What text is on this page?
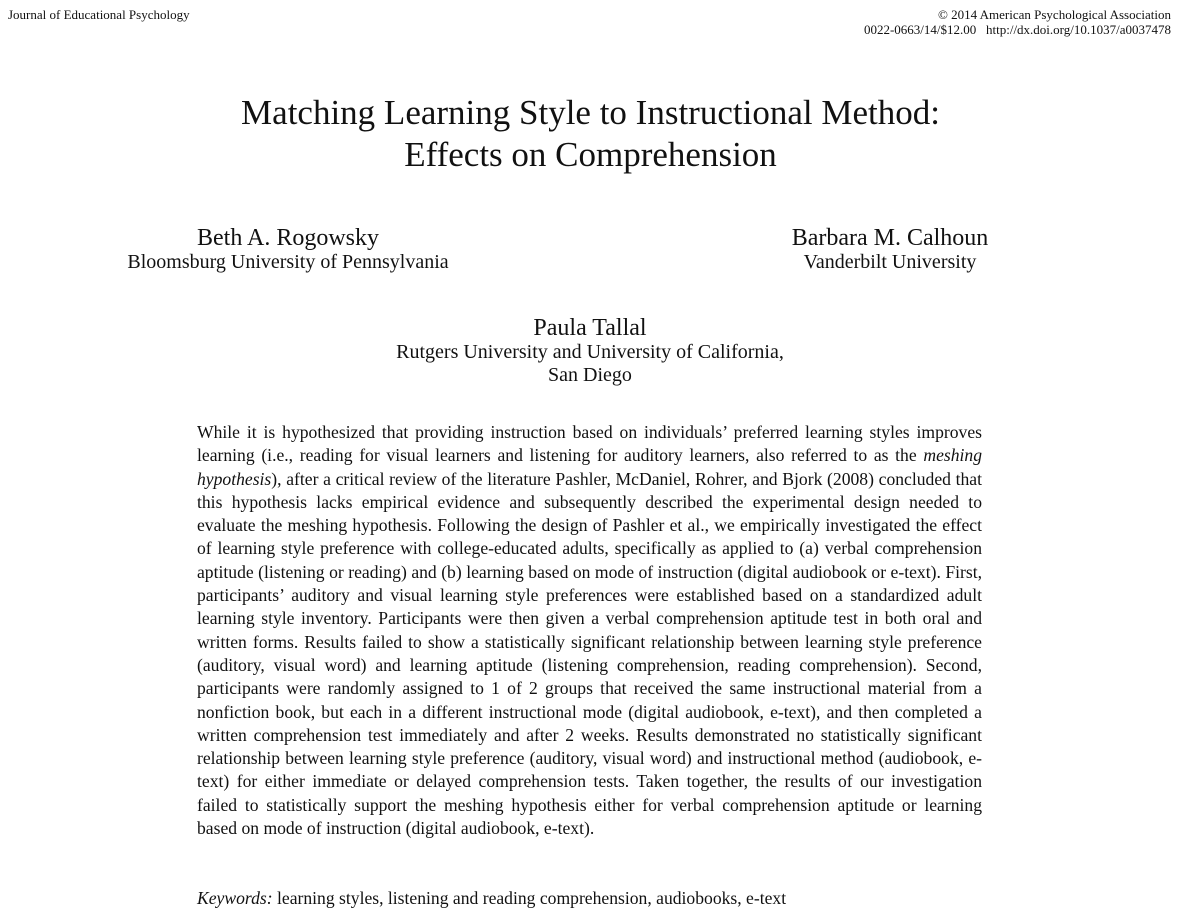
Journal of Educational Psychology	© 2014 American Psychological Association
0022-0663/14/$12.00   http://dx.doi.org/10.1037/a0037478
Matching Learning Style to Instructional Method:
Effects on Comprehension
Beth A. Rogowsky
Bloomsburg University of Pennsylvania
Barbara M. Calhoun
Vanderbilt University
Paula Tallal
Rutgers University and University of California,
San Diego

While it is hypothesized that providing instruction based on individuals’ preferred learning styles improves learning (i.e., reading for visual learners and listening for auditory learners, also referred to as the meshing hypothesis), after a critical review of the literature Pashler, McDaniel, Rohrer, and Bjork (2008) concluded that this hypothesis lacks empirical evidence and subsequently described the experimental design needed to evaluate the meshing hypothesis. Following the design of Pashler et al., we empirically investigated the effect of learning style preference with college-educated adults, specifically as applied to (a) verbal comprehension aptitude (listening or reading) and (b) learning based on mode of instruction (digital audiobook or e-text). First, participants’ auditory and visual learning style preferences were established based on a standardized adult learning style inventory. Participants were then given a verbal comprehension aptitude test in both oral and written forms. Results failed to show a statistically significant relationship between learning style preference (auditory, visual word) and learning aptitude (listening comprehension, reading comprehension). Second, participants were randomly assigned to 1 of 2 groups that received the same instructional material from a nonfiction book, but each in a different instructional mode (digital audiobook, e-text), and then completed a written comprehension test immediately and after 2 weeks. Results demonstrated no statistically significant relationship between learning style preference (auditory, visual word) and instructional method (audiobook, e-text) for either immediate or delayed comprehension tests. Taken together, the results of our investigation failed to statistically support the meshing hypothesis either for verbal comprehension aptitude or learning based on mode of instruction (digital audiobook, e-text).

Keywords: learning styles, listening and reading comprehension, audiobooks, e-text
